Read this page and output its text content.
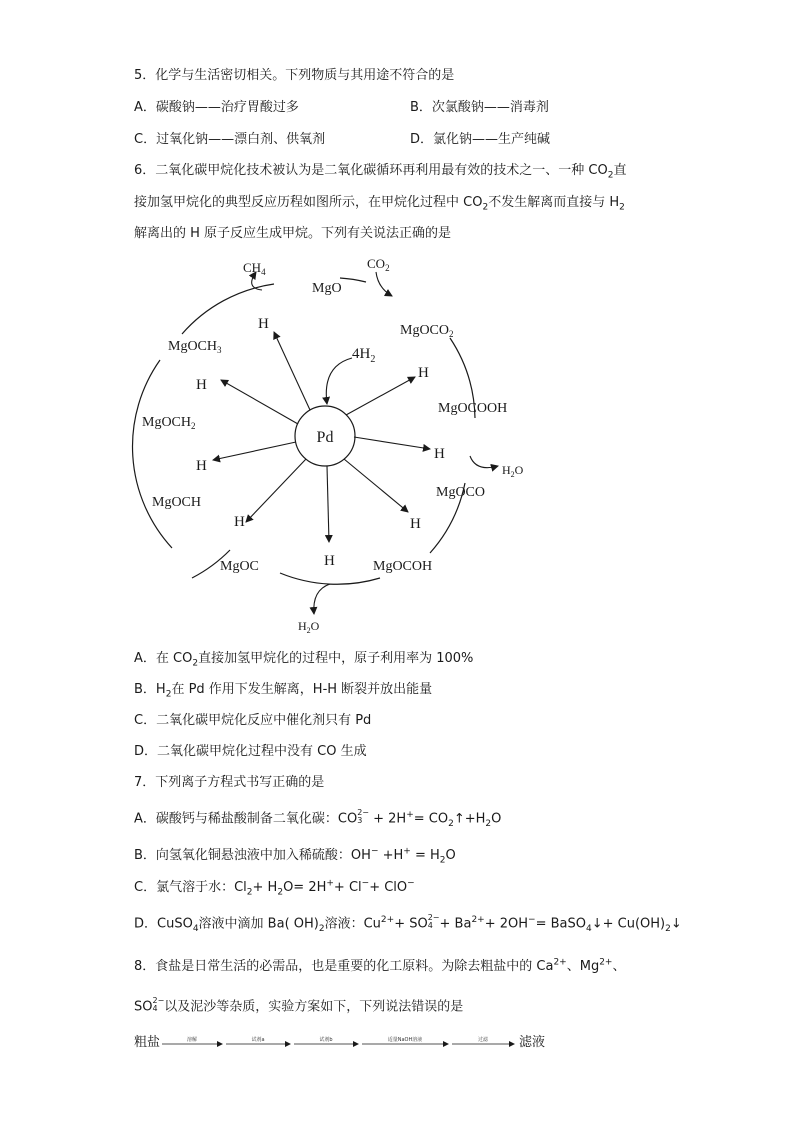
5．化学与生活密切相关。下列物质与其用途不符合的是
A．碳酸钠——治疗胃酸过多	B．次氯酸钠——消毒剂
C．过氧化钠——漂白剂、供氧剂	D．氯化钠——生产纯碱
6．二氧化碳甲烷化技术被认为是二氧化碳循环再利用最有效的技术之一、一种 $CO_2$直
接加氢甲烷化的典型反应历程如图所示，在甲烷化过程中 $CO_2$不发生解离而直接与 $H_2$
解离出的 H 原子反应生成甲烷。下列有关说法正确的是
Pd
$4H_2$
H
H
H
H
H
H
H
H
MgO
$CO_2$
$CH_4$
MgOCO$_2$
MgOCOOH
$H_2O$
MgOCO
MgOCOH
MgOC
$H_2O$
MgOCH
MgOCH$_2$
MgOCH$_3$
A．在 $CO_2$直接加氢甲烷化的过程中，原子利用率为 100%
B．$H_2$在 Pd 作用下发生解离，H-H 断裂并放出能量
C．二氧化碳甲烷化反应中催化剂只有 Pd
D．二氧化碳甲烷化过程中没有 CO 生成
7．下列离子方程式书写正确的是
A．碳酸钙与稀盐酸制备二氧化碳：CO 2−
$3 + 2H^+= CO_2↑+H_2O$
B．向氢氧化铜悬浊液中加入稀硫酸：$OH^- +H^+ = H_2O$
C．氯气溶于水：$Cl_2+ H_2O= 2H^++ Cl^-+ ClO^-$
D．CuSO$_4$溶液中滴加 Ba( $OH)_2$溶液：$Cu^{2+}+$ SO 2−
$4 + Ba^{2+}+ 2OH^-=$ BaSO$_4$↓+ $Cu(OH)_2↓$
8．食盐是日常生活的必需品，也是重要的化工原料。为除去粗盐中的 $Ca^{2+}$、$Mg^{2+}$、
SO 2−
4 以及泥沙等杂质，实验方案如下，下列说法错误的是
粗盐	溶解	试剂a	试剂b	适量NaOH溶液	过滤 滤液
